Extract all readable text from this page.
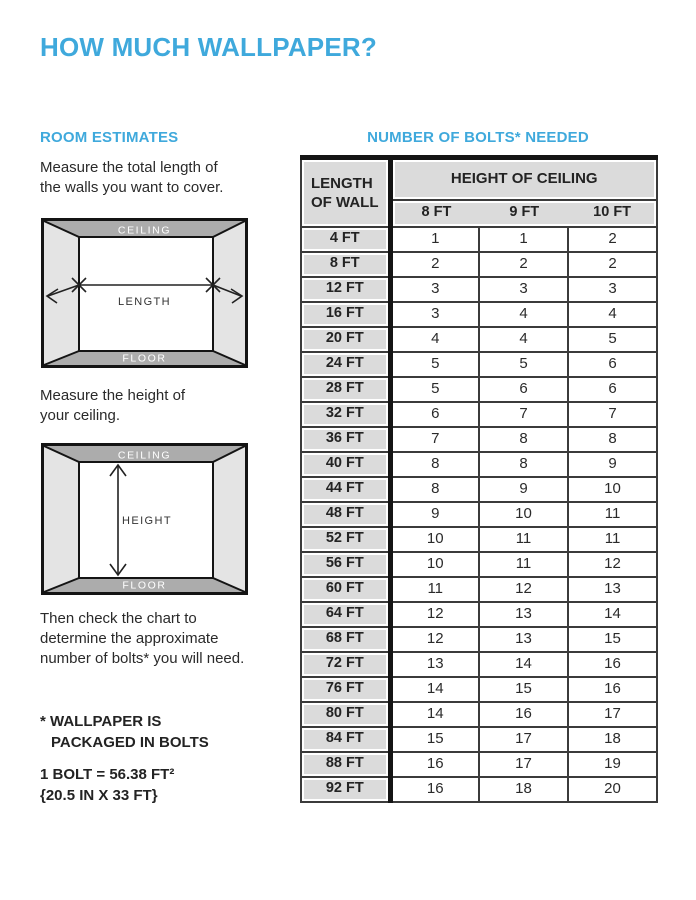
HOW MUCH WALLPAPER?
ROOM ESTIMATES	NUMBER OF BOLTS* NEEDED
Measure the total length of
the walls you want to cover.
CEILING
FLOOR
LENGTH
Measure the height of
your ceiling.
CEILING
FLOOR
HEIGHT
Then check the chart to
determine the approximate
number of bolts* you will need.
* WALLPAPER IS
PACKAGED IN BOLTS
1 BOLT = 56.38 FT²
{20.5 IN X 33 FT}
LENGTH
OF WALL	HEIGHT OF CEILING		

	8 FT 9 FT 10 FT		

4 FT	1	1	2
8 FT	2	2	2
12 FT	3	3	3
16 FT	3	4	4
20 FT	4	4	5
24 FT	5	5	6
28 FT	5	6	6
32 FT	6	7	7
36 FT	7	8	8
40 FT	8	8	9
44 FT	8	9	10
48 FT	9	10	11
52 FT	10	11	11
56 FT	10	11	12
60 FT	11	12	13
64 FT	12	13	14
68 FT	12	13	15
72 FT	13	14	16
76 FT	14	15	16
80 FT	14	16	17
84 FT	15	17	18
88 FT	16	17	19
92 FT	16	18	20
